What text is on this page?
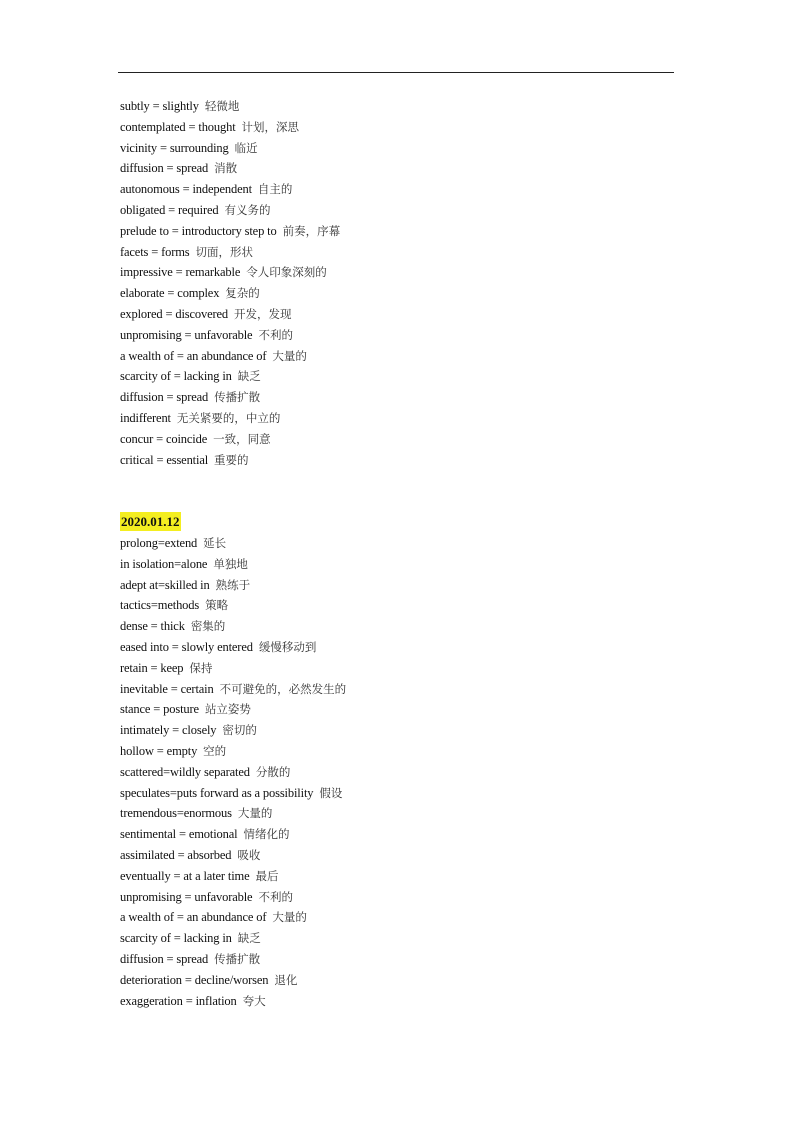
subtly = slightly 轻微地
contemplated = thought 计划，深思
vicinity = surrounding 临近
diffusion = spread 消散
autonomous = independent 自主的
obligated = required 有义务的
prelude to = introductory step to 前奏，序幕
facets = forms 切面，形状
impressive = remarkable 令人印象深刻的
elaborate = complex 复杂的
explored = discovered 开发，发现
unpromising = unfavorable 不利的
a wealth of = an abundance of 大量的
scarcity of = lacking in 缺乏
diffusion = spread 传播扩散
indifferent 无关紧要的，中立的
concur = coincide 一致，同意
critical = essential 重要的
2020.01.12
prolong=extend 延长
in isolation=alone 单独地
adept at=skilled in 熟练于
tactics=methods 策略
dense = thick 密集的
eased into = slowly entered 缓慢移动到
retain = keep 保持
inevitable = certain 不可避免的，必然发生的
stance = posture 站立姿势
intimately = closely 密切的
hollow = empty 空的
scattered=wildly separated 分散的
speculates=puts forward as a possibility 假设
tremendous=enormous 大量的
sentimental = emotional 情绪化的
assimilated = absorbed 吸收
eventually = at a later time 最后
unpromising = unfavorable 不利的
a wealth of = an abundance of 大量的
scarcity of = lacking in 缺乏
diffusion = spread 传播扩散
deterioration = decline/worsen 退化
exaggeration = inflation 夸大
